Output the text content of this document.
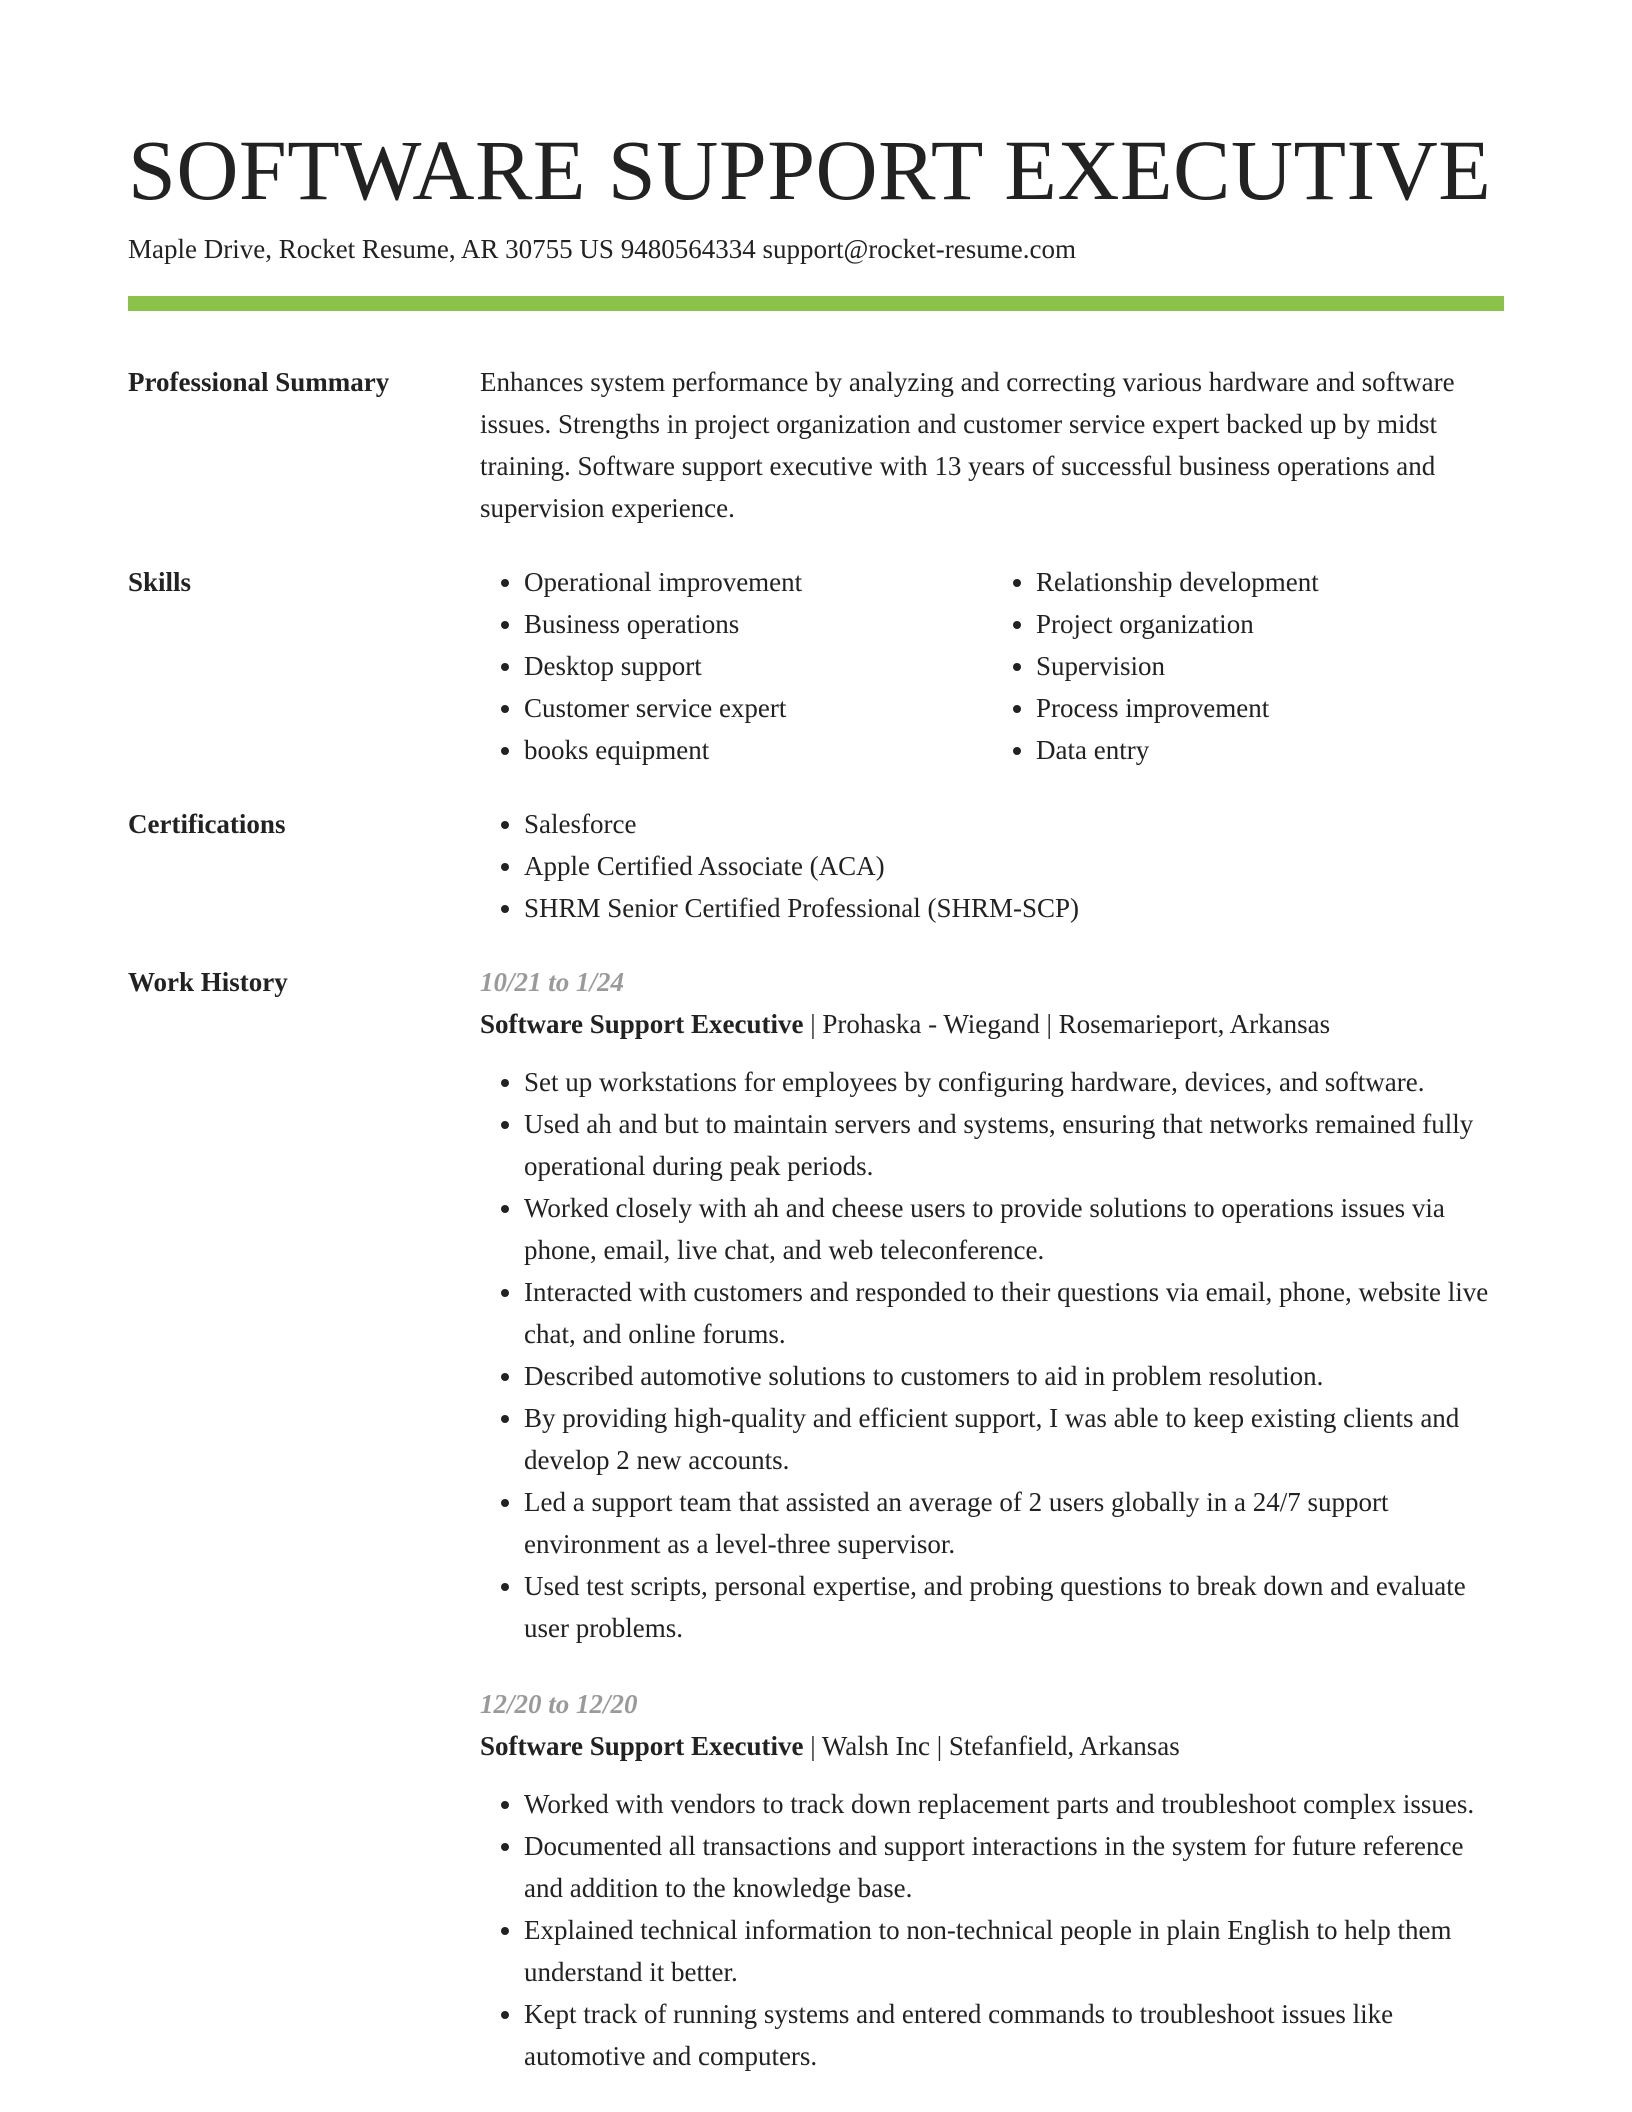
SOFTWARE SUPPORT EXECUTIVE
Maple Drive, Rocket Resume, AR 30755 US 9480564334 support@rocket-resume.com
Professional Summary	Enhances system performance by analyzing and correcting various hardware and software issues. Strengths in project organization and customer service expert backed up by midst training. Software support executive with 13 years of successful business operations and supervision experience.
Skills	• Operational improvement
• Business operations
• Desktop support
• Customer service expert
• books equipment
• Relationship development
• Project organization
• Supervision
• Process improvement
• Data entry
Certifications	• Salesforce
• Apple Certified Associate (ACA)
• SHRM Senior Certified Professional (SHRM-SCP)
Work History	10/21 to 1/24
Software Support Executive | Prohaska - Wiegand | Rosemarieport, Arkansas
• Set up workstations for employees by configuring hardware, devices, and software.
• Used ah and but to maintain servers and systems, ensuring that networks remained fully operational during peak periods.
• Worked closely with ah and cheese users to provide solutions to operations issues via phone, email, live chat, and web teleconference.
• Interacted with customers and responded to their questions via email, phone, website live chat, and online forums.
• Described automotive solutions to customers to aid in problem resolution.
• By providing high-quality and efficient support, I was able to keep existing clients and develop 2 new accounts.
• Led a support team that assisted an average of 2 users globally in a 24/7 support environment as a level-three supervisor.
• Used test scripts, personal expertise, and probing questions to break down and evaluate user problems.
12/20 to 12/20
Software Support Executive | Walsh Inc | Stefanfield, Arkansas
• Worked with vendors to track down replacement parts and troubleshoot complex issues.
• Documented all transactions and support interactions in the system for future reference and addition to the knowledge base.
• Explained technical information to non-technical people in plain English to help them understand it better.
• Kept track of running systems and entered commands to troubleshoot issues like automotive and computers.
